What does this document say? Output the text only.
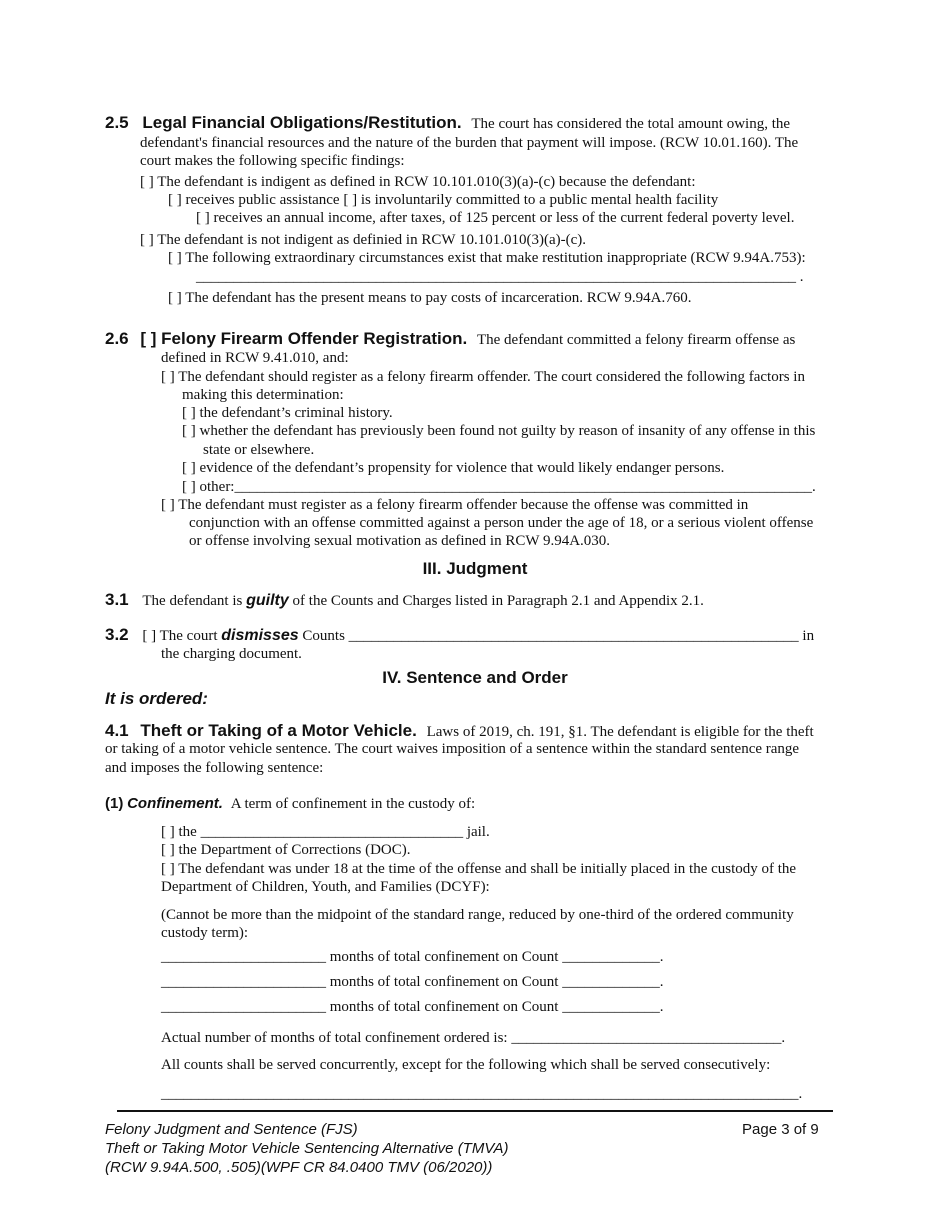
2.5 Legal Financial Obligations/Restitution. The court has considered the total amount owing, the
defendant's financial resources and the nature of the burden that payment will impose. (RCW 10.01.160). The
court makes the following specific findings:
[ ] The defendant is indigent as defined in RCW 10.101.010(3)(a)-(c) because the defendant:
[ ] receives public assistance [ ] is involuntarily committed to a public mental health facility
[ ] receives an annual income, after taxes, of 125 percent or less of the current federal poverty level.
[ ] The defendant is not indigent as definied in RCW 10.101.010(3)(a)-(c).
[ ] The following extraordinary circumstances exist that make restitution inappropriate (RCW 9.94A.753):
________________________________________________________________________________ .
[ ] The defendant has the present means to pay costs of incarceration. RCW 9.94A.760.
2.6 [ ] Felony Firearm Offender Registration. The defendant committed a felony firearm offense as
defined in RCW 9.41.010, and:
[ ] The defendant should register as a felony firearm offender. The court considered the following factors in
making this determination:
[ ] the defendant’s criminal history.
[ ] whether the defendant has previously been found not guilty by reason of insanity of any offense in this
state or elsewhere.
[ ] evidence of the defendant’s propensity for violence that would likely endanger persons.
[ ] other:_____________________________________________________________________________.
[ ] The defendant must register as a felony firearm offender because the offense was committed in
conjunction with an offense committed against a person under the age of 18, or a serious violent offense
or offense involving sexual motivation as defined in RCW 9.94A.030.
III. Judgment
3.1 The defendant is guilty of the Counts and Charges listed in Paragraph 2.1 and Appendix 2.1.
3.2 [ ] The court dismisses Counts ____________________________________________________________ in
the charging document.
IV. Sentence and Order
It is ordered:
4.1 Theft or Taking of a Motor Vehicle. Laws of 2019, ch. 191, §1. The defendant is eligible for the theft
or taking of a motor vehicle sentence. The court waives imposition of a sentence within the standard sentence range
and imposes the following sentence:
(1) Confinement. A term of confinement in the custody of:
[ ] the ___________________________________ jail.
[ ] the Department of Corrections (DOC).
[ ] The defendant was under 18 at the time of the offense and shall be initially placed in the custody of the
Department of Children, Youth, and Families (DCYF):
(Cannot be more than the midpoint of the standard range, reduced by one-third of the ordered community
custody term):
______________________ months of total confinement on Count _____________.
______________________ months of total confinement on Count _____________.
______________________ months of total confinement on Count _____________.
Actual number of months of total confinement ordered is: ____________________________________.
All counts shall be served concurrently, except for the following which shall be served consecutively:
_____________________________________________________________________________________.
Felony Judgment and Sentence (FJS)
Theft or Taking Motor Vehicle Sentencing Alternative (TMVA)
(RCW 9.94A.500, .505)(WPF CR 84.0400 TMV (06/2020))
Page 3 of 9
